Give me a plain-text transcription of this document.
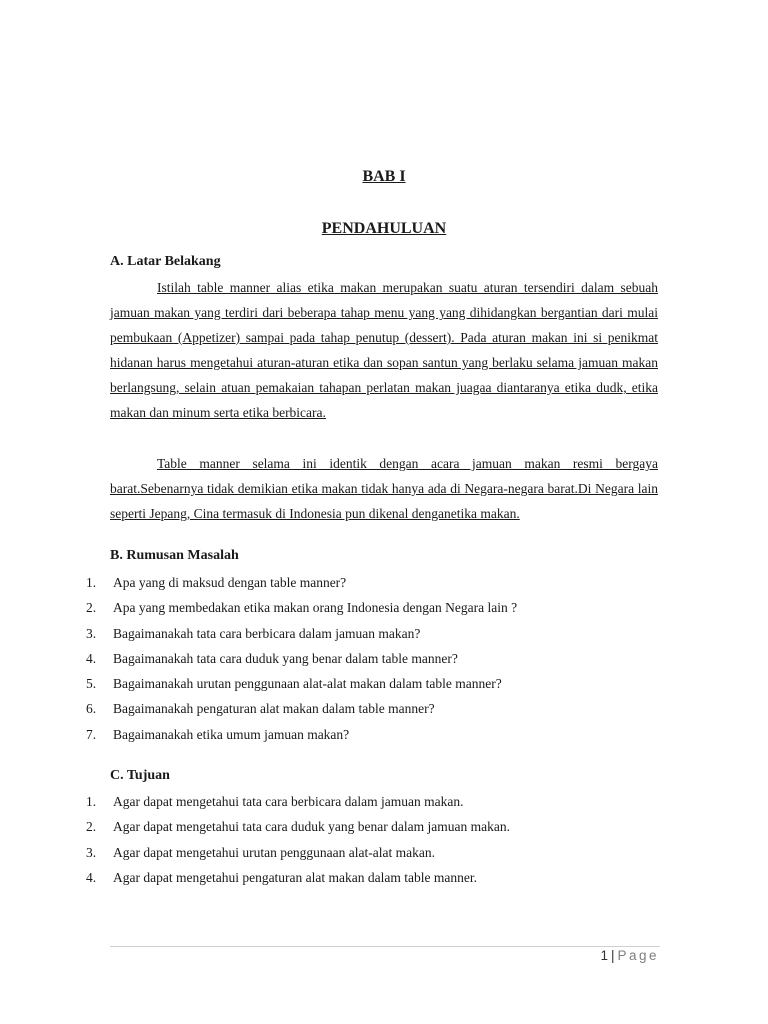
BAB I
PENDAHULUAN
A. Latar Belakang
Istilah table manner alias etika makan merupakan suatu aturan tersendiri dalam sebuah jamuan makan yang terdiri dari beberapa tahap menu yang yang dihidangkan bergantian dari mulai pembukaan (Appetizer) sampai pada tahap penutup (dessert). Pada aturan makan ini si penikmat hidanan harus mengetahui aturan-aturan etika dan sopan santun yang berlaku selama jamuan makan berlangsung, selain atuan pemakaian tahapan perlatan makan juagaa diantaranya etika dudk, etika makan dan minum serta etika berbicara.
Table manner selama ini identik dengan acara jamuan makan resmi bergaya barat.Sebenarnya tidak demikian etika makan tidak hanya ada di Negara-negara barat.Di Negara lain seperti Jepang, Cina termasuk di Indonesia pun dikenal denganetika makan.
B. Rumusan Masalah
1.	Apa yang di maksud dengan table manner?
2.	Apa yang membedakan etika makan orang Indonesia dengan Negara lain ?
3.	Bagaimanakah tata cara berbicara dalam jamuan makan?
4.	Bagaimanakah tata cara duduk yang benar dalam table manner?
5.	Bagaimanakah urutan penggunaan alat-alat makan dalam table manner?
6.	Bagaimanakah pengaturan alat makan dalam table manner?
7.	Bagaimanakah etika umum jamuan makan?
C. Tujuan
1.	Agar dapat mengetahui tata cara berbicara dalam jamuan makan.
2.	Agar dapat mengetahui tata cara duduk yang benar dalam jamuan makan.
3.	Agar dapat mengetahui urutan penggunaan alat-alat makan.
4.	Agar dapat mengetahui pengaturan alat makan dalam table manner.
1 | Page
